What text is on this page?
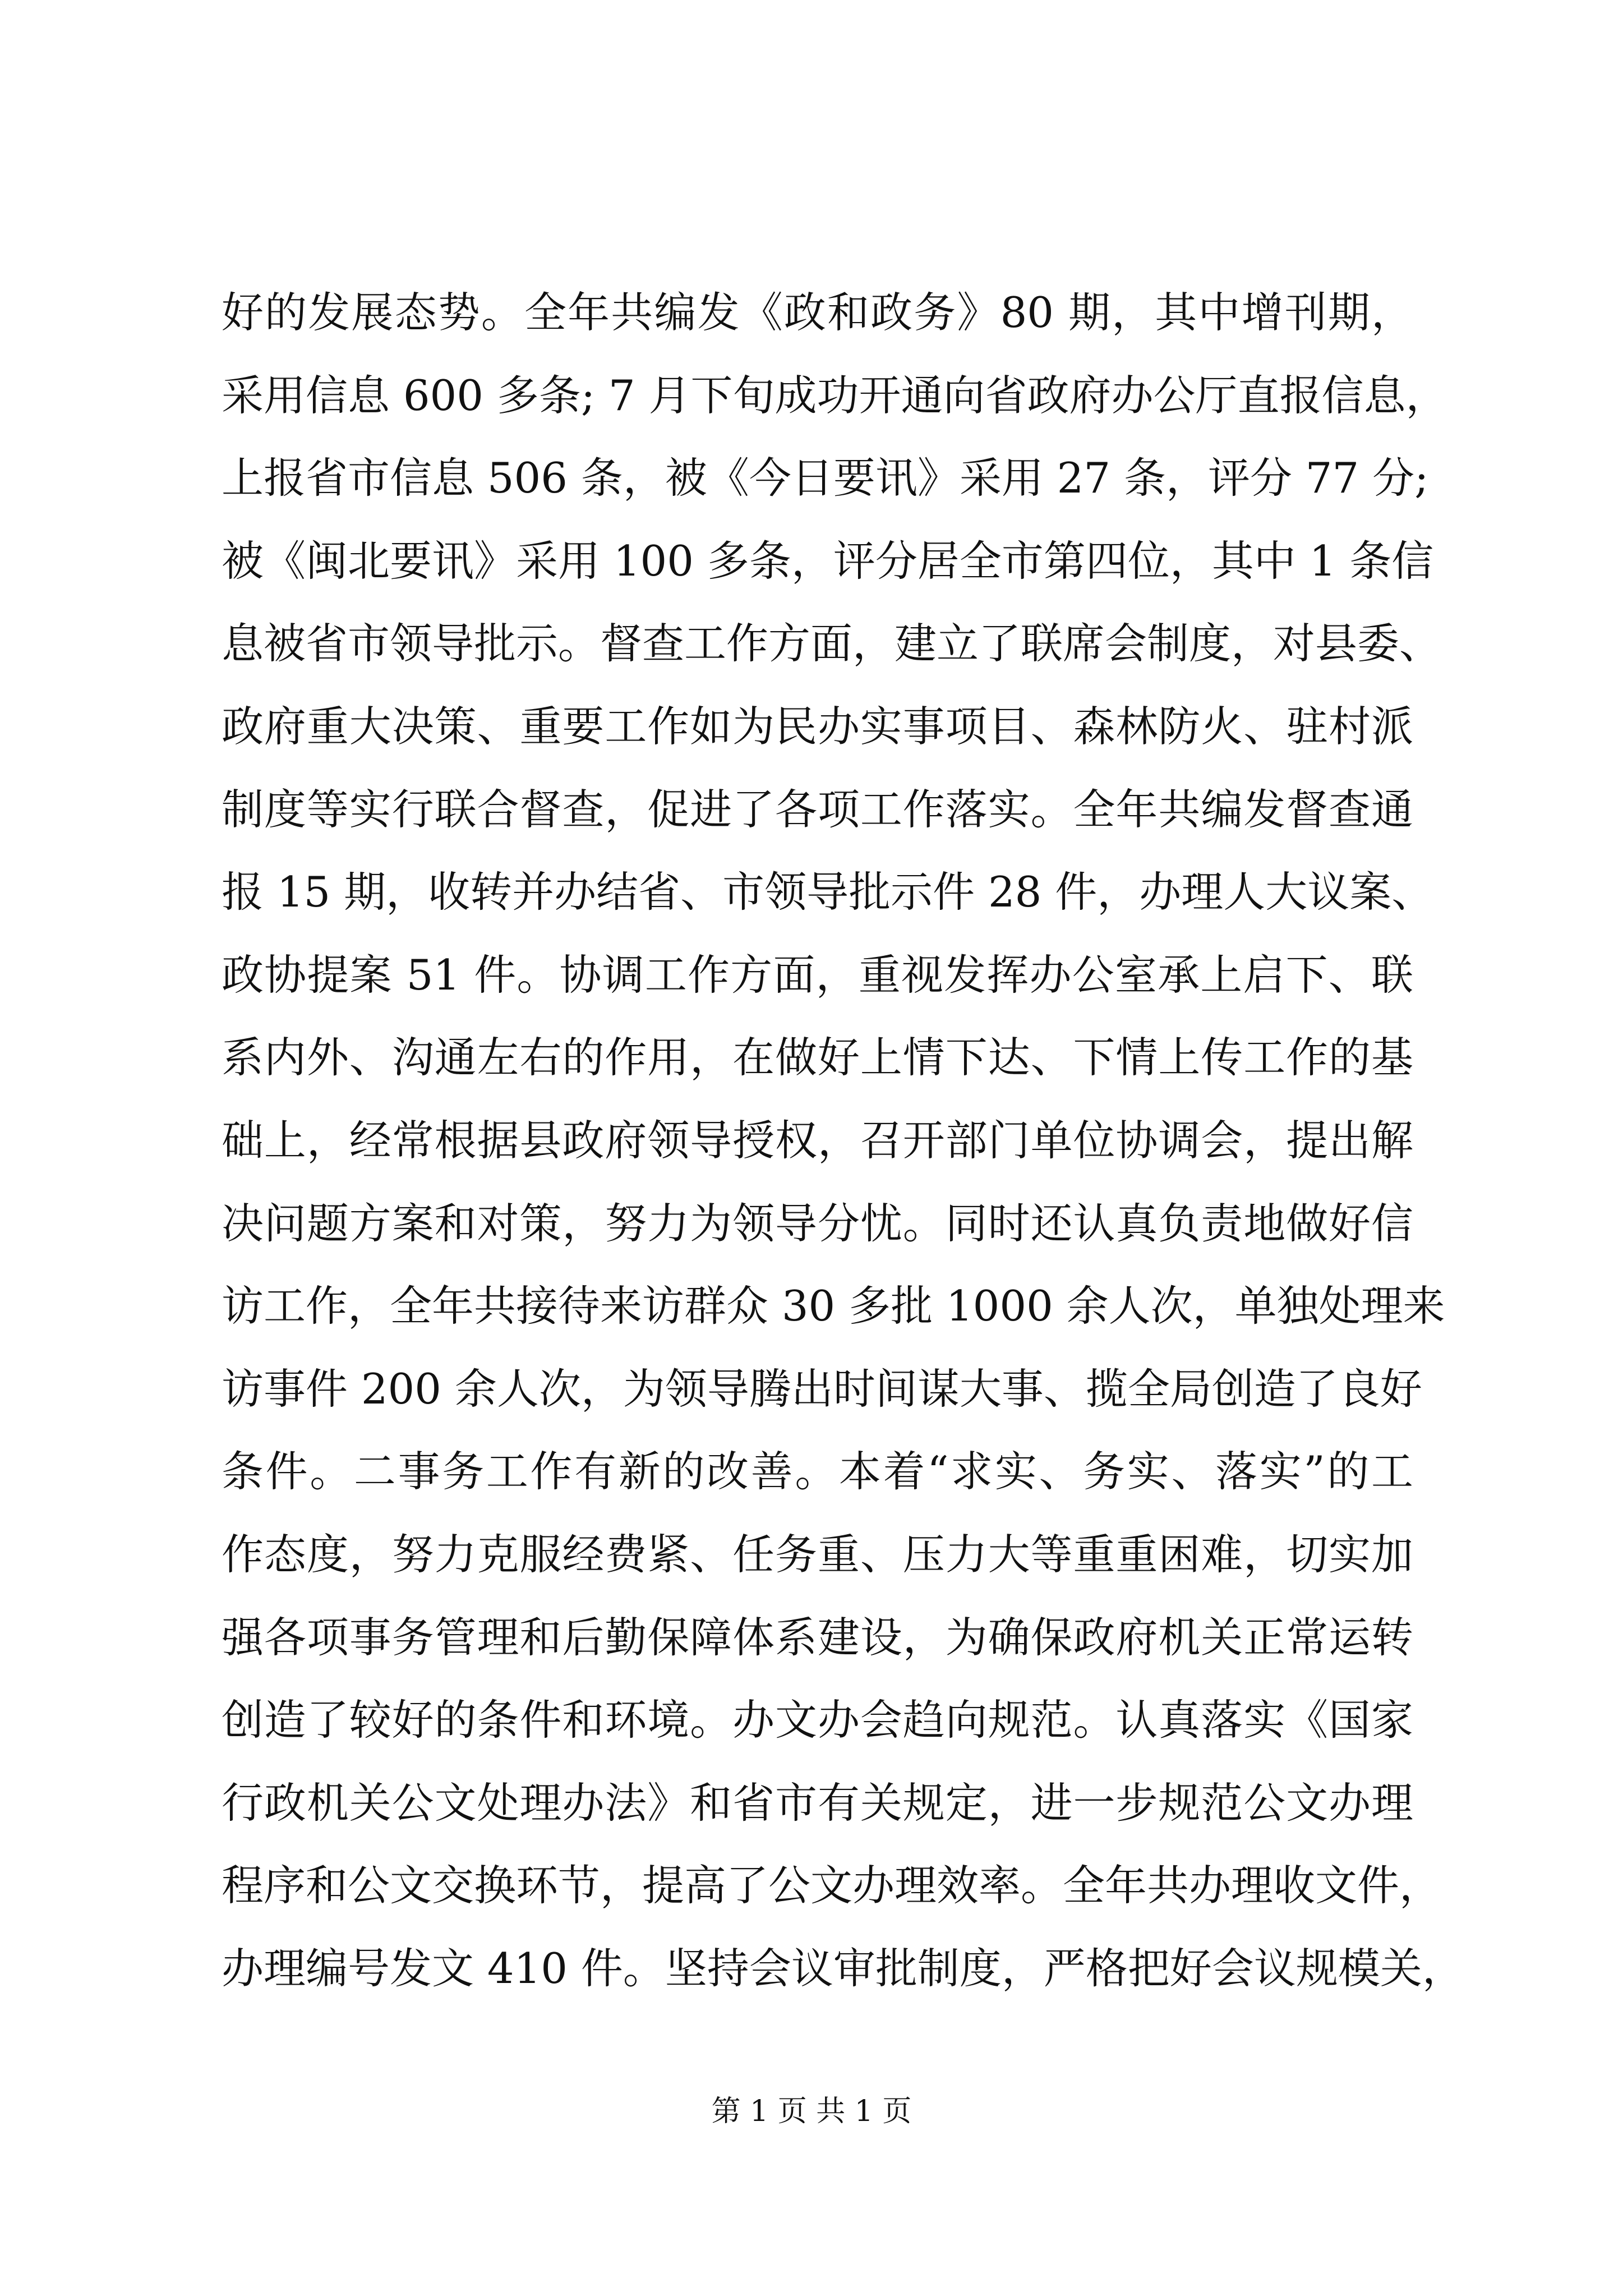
好的发展态势。全年共编发《政和政务》80 期，其中增刊期，
采用信息 600 多条; 7 月下旬成功开通向省政府办公厅直报信息，
上报省市信息 506 条，被《今日要讯》采用 27 条，评分 77 分;
被《闽北要讯》采用 100 多条，评分居全市第四位，其中 1 条信
息被省市领导批示。督查工作方面，建立了联席会制度，对县委、
政府重大决策、重要工作如为民办实事项目、森林防火、驻村派
制度等实行联合督查，促进了各项工作落实。全年共编发督查通
报 15 期，收转并办结省、市领导批示件 28 件，办理人大议案、
政协提案 51 件。协调工作方面，重视发挥办公室承上启下、联
系内外、沟通左右的作用，在做好上情下达、下情上传工作的基
础上，经常根据县政府领导授权，召开部门单位协调会，提出解
决问题方案和对策，努力为领导分忧。同时还认真负责地做好信
访工作，全年共接待来访群众 30 多批 1000 余人次，单独处理来
访事件 200 余人次，为领导腾出时间谋大事、揽全局创造了良好
条件。二事务工作有新的改善。本着“求实、务实、落实”的工
作态度，努力克服经费紧、任务重、压力大等重重困难，切实加
强各项事务管理和后勤保障体系建设，为确保政府机关正常运转
创造了较好的条件和环境。办文办会趋向规范。认真落实《国家
行政机关公文处理办法》和省市有关规定，进一步规范公文办理
程序和公文交换环节，提高了公文办理效率。全年共办理收文件，
办理编号发文 410 件。坚持会议审批制度，严格把好会议规模关，
第 1 页 共 1 页
